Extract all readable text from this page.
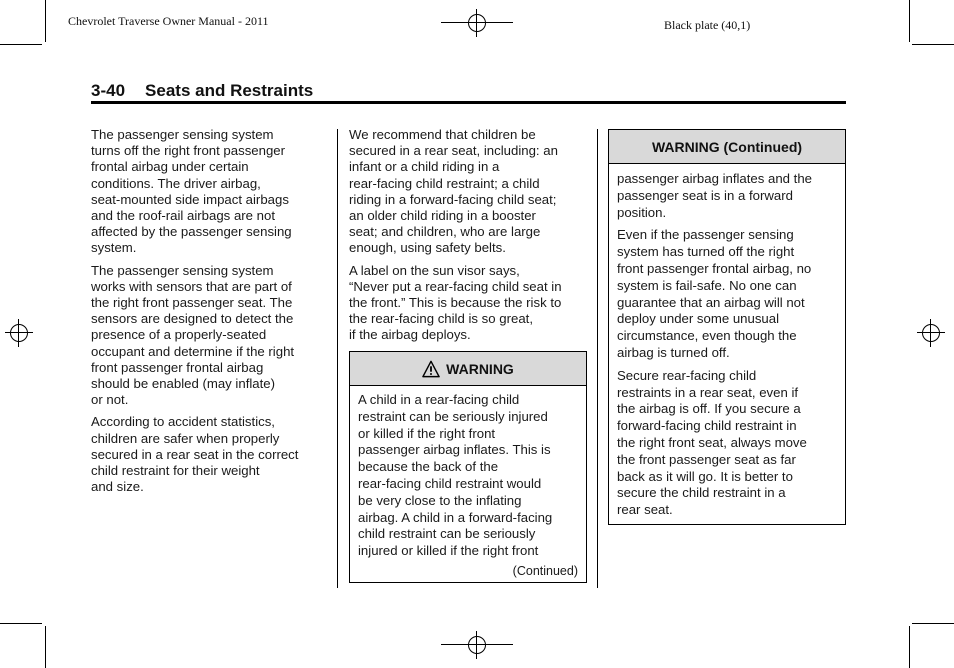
Chevrolet Traverse Owner Manual - 2011	Black plate (40,1)
3-40 Seats and Restraints

The passenger sensing system
turns off the right front passenger
frontal airbag under certain
conditions. The driver airbag,
seat-mounted side impact airbags
and the roof-rail airbags are not
affected by the passenger sensing
system.

The passenger sensing system
works with sensors that are part of
the right front passenger seat. The
sensors are designed to detect the
presence of a properly-seated
occupant and determine if the right
front passenger frontal airbag
should be enabled (may inflate)
or not.

According to accident statistics,
children are safer when properly
secured in a rear seat in the correct
child restraint for their weight
and size.

We recommend that children be
secured in a rear seat, including: an
infant or a child riding in a
rear-facing child restraint; a child
riding in a forward-facing child seat;
an older child riding in a booster
seat; and children, who are large
enough, using safety belts.

A label on the sun visor says,
“Never put a rear-facing child seat in
the front.” This is because the risk to
the rear-facing child is so great,
if the airbag deploys.

WARNING

A child in a rear-facing child
restraint can be seriously injured
or killed if the right front
passenger airbag inflates. This is
because the back of the
rear-facing child restraint would
be very close to the inflating
airbag. A child in a forward-facing
child restraint can be seriously
injured or killed if the right front

(Continued)
WARNING (Continued)

passenger airbag inflates and the
passenger seat is in a forward
position.

Even if the passenger sensing
system has turned off the right
front passenger frontal airbag, no
system is fail-safe. No one can
guarantee that an airbag will not
deploy under some unusual
circumstance, even though the
airbag is turned off.

Secure rear-facing child
restraints in a rear seat, even if
the airbag is off. If you secure a
forward-facing child restraint in
the right front seat, always move
the front passenger seat as far
back as it will go. It is better to
secure the child restraint in a
rear seat.
